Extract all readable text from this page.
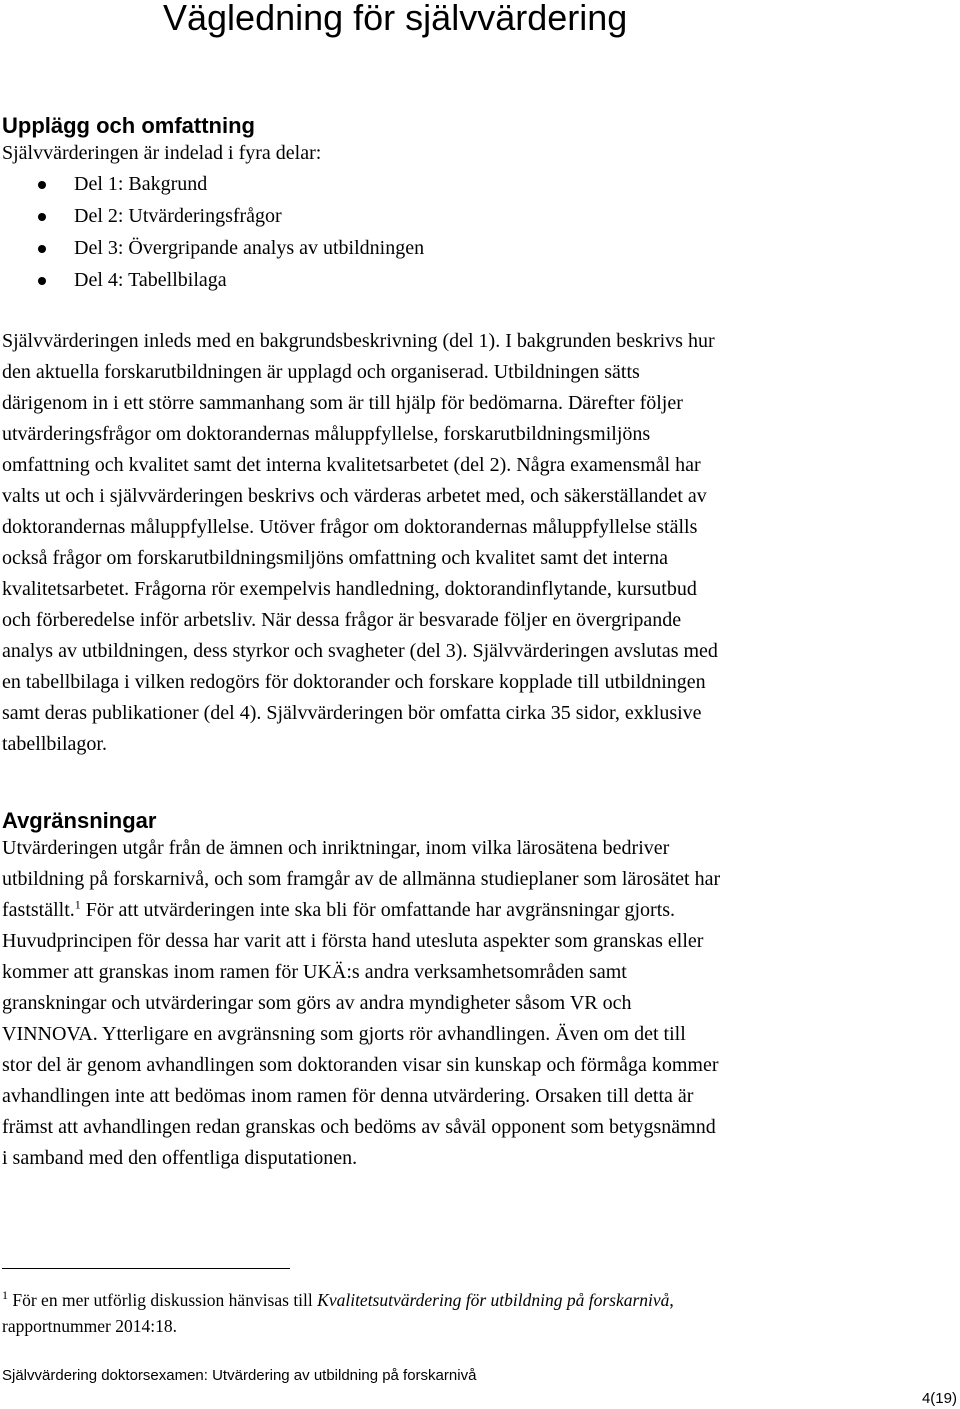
Vägledning för självvärdering
Upplägg och omfattning
Självvärderingen är indelad i fyra delar:
Del 1: Bakgrund
Del 2: Utvärderingsfrågor
Del 3: Övergripande analys av utbildningen
Del 4: Tabellbilaga
Självvärderingen inleds med en bakgrundsbeskrivning (del 1). I bakgrunden beskrivs hur
den aktuella forskarutbildningen är upplagd och organiserad. Utbildningen sätts
därigenom in i ett större sammanhang som är till hjälp för bedömarna. Därefter följer
utvärderingsfrågor om doktorandernas måluppfyllelse, forskarutbildningsmiljöns
omfattning och kvalitet samt det interna kvalitetsarbetet (del 2). Några examensmål har
valts ut och i självvärderingen beskrivs och värderas arbetet med, och säkerställandet av
doktorandernas måluppfyllelse. Utöver frågor om doktorandernas måluppfyllelse ställs
också frågor om forskarutbildningsmiljöns omfattning och kvalitet samt det interna
kvalitetsarbetet. Frågorna rör exempelvis handledning, doktorandinflytande, kursutbud
och förberedelse inför arbetsliv. När dessa frågor är besvarade följer en övergripande
analys av utbildningen, dess styrkor och svagheter (del 3). Självvärderingen avslutas med
en tabellbilaga i vilken redogörs för doktorander och forskare kopplade till utbildningen
samt deras publikationer (del 4). Självvärderingen bör omfatta cirka 35 sidor, exklusive
tabellbilagor.
Avgränsningar
Utvärderingen utgår från de ämnen och inriktningar, inom vilka lärosätena bedriver
utbildning på forskarnivå, och som framgår av de allmänna studieplaner som lärosätet har
fastställt.$^1$ För att utvärderingen inte ska bli för omfattande har avgränsningar gjorts.
Huvudprincipen för dessa har varit att i första hand utesluta aspekter som granskas eller
kommer att granskas inom ramen för UKÄ:s andra verksamhetsområden samt
granskningar och utvärderingar som görs av andra myndigheter såsom VR och
VINNOVA. Ytterligare en avgränsning som gjorts rör avhandlingen. Även om det till
stor del är genom avhandlingen som doktoranden visar sin kunskap och förmåga kommer
avhandlingen inte att bedömas inom ramen för denna utvärdering. Orsaken till detta är
främst att avhandlingen redan granskas och bedöms av såväl opponent som betygsnämnd
i samband med den offentliga disputationen.
$^1$ För en mer utförlig diskussion hänvisas till Kvalitetsutvärdering för utbildning på forskarnivå,
rapportnummer 2014:18.
Självvärdering doktorsexamen: Utvärdering av utbildning på forskarnivå
4(19)
